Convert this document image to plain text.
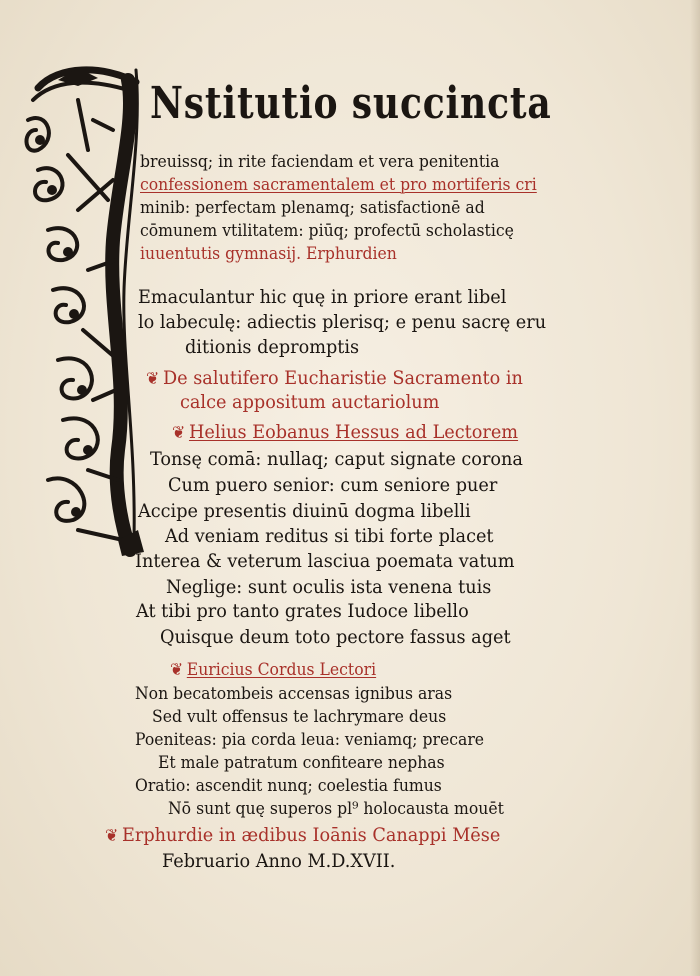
Nstitutio succincta
breuissq; in rite faciendam et vera penitentia
confessionem sacramentalem et pro mortiferis cri
minib: perfectam plenamq; satisfactionē ad
cōmunem vtilitatem: piūq; profectū scholasticę
iuuentutis gymnasij. Erphurdien
Emaculantur hic quę in priore erant libel
lo labeculę: adiectis plerisq; e penu sacrę eru
ditionis depromptis
❦ De salutifero Eucharistie Sacramento in
calce appositum auctariolum
❦ Helius Eobanus Hessus ad Lectorem
Tonsę comā: nullaq; caput signate corona
Cum puero senior: cum seniore puer
Accipe presentis diuinū dogma libelli
Ad veniam reditus si tibi forte placet
Interea & veterum lasciua poemata vatum
Neglige: sunt oculis ista venena tuis
At tibi pro tanto grates Iudoce libello
Quisque deum toto pectore fassus aget
❦ Euricius Cordus Lectori
Non becatombeis accensas ignibus aras
Sed vult offensus te lachrymare deus
Poeniteas: pia corda leua: veniamq; precare
Et male patratum confiteare nephas
Oratio: ascendit nunq; coelestia fumus
Nō sunt quę superos pl⁹ holocausta mouēt
❦ Erphurdie in ædibus Ioānis Canappi Mēse
Februario Anno M.D.XVII.
